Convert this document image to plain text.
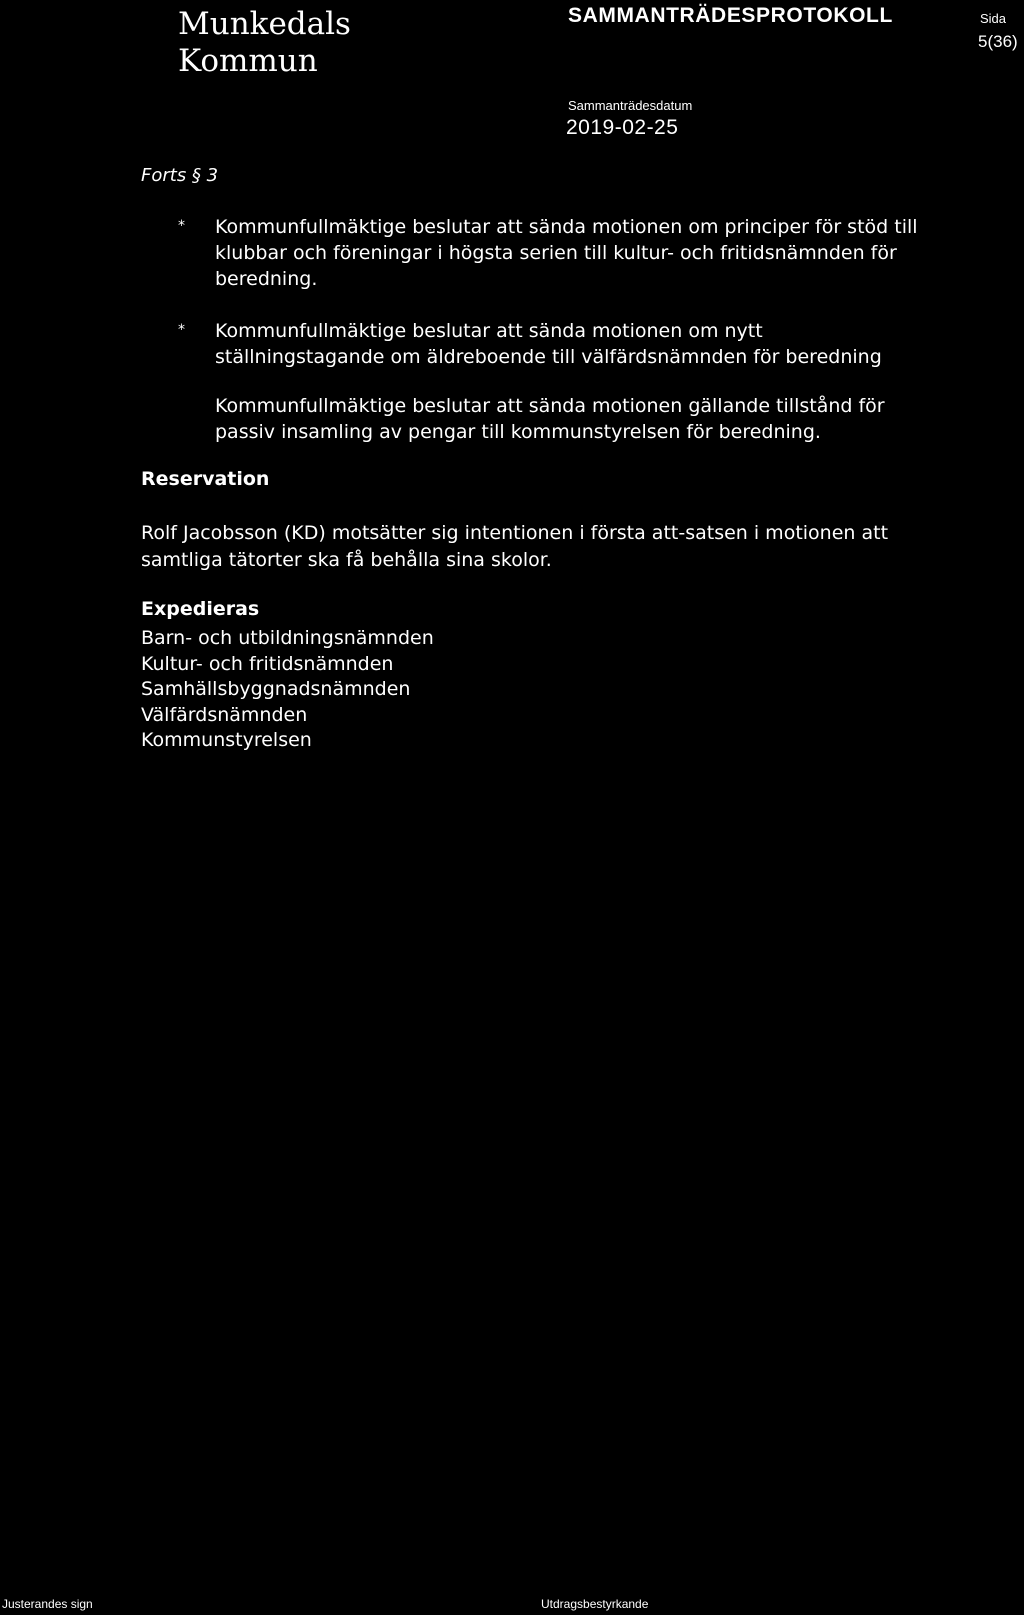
Munkedals
Kommun
SAMMANTRÄDESPROTOKOLL	Sida
5(36)
Sammanträdesdatum
2019-02-25
Forts § 3
* Kommunfullmäktige beslutar att sända motionen om principer för stöd till
klubbar och föreningar i högsta serien till kultur- och fritidsnämnden för
beredning.
* Kommunfullmäktige beslutar att sända motionen om nytt
ställningstagande om äldreboende till välfärdsnämnden för beredning
Kommunfullmäktige beslutar att sända motionen gällande tillstånd för
passiv insamling av pengar till kommunstyrelsen för beredning.
Reservation
Rolf Jacobsson (KD) motsätter sig intentionen i första att-satsen i motionen att
samtliga tätorter ska få behålla sina skolor.
Expedieras
Barn- och utbildningsnämnden
Kultur- och fritidsnämnden
Samhällsbyggnadsnämnden
Välfärdsnämnden
Kommunstyrelsen
Justerandes sign	Utdragsbestyrkande
